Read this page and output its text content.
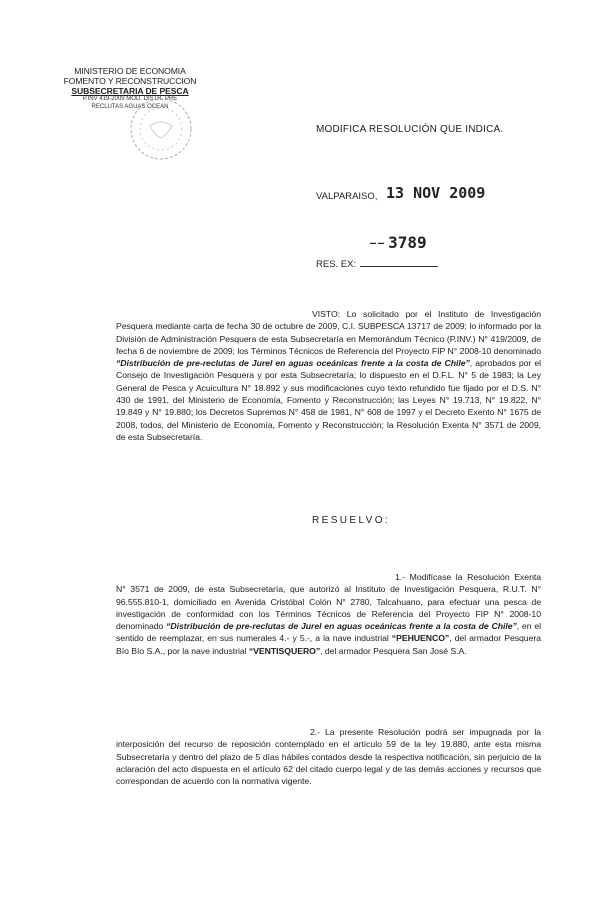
MINISTERIO DE ECONOMIA
FOMENTO Y RECONSTRUCCION
SUBSECRETARIA DE PESCA
P.INV 419-2009 MOD. DISTR. PRE
RECLUTAS AGUAS OCEAN
MODIFICA RESOLUCIÓN QUE INDICA.
VALPARAISO, 13 NOV 2009
— — 3789
RES. EX:
VISTO: Lo solicitado por el Instituto de Investigación Pesquera mediante carta de fecha 30 de octubre de 2009, C.I. SUBPESCA 13717 de 2009; lo informado por la División de Administración Pesquera de esta Subsecretaría en Memorándum Técnico (P.INV.) N° 419/2009, de fecha 6 de noviembre de 2009; los Términos Técnicos de Referencia del Proyecto FIP N° 2008-10 denominado “Distribución de pre-reclutas de Jurel en aguas oceánicas frente a la costa de Chile”, aprobados por el Consejo de Investigación Pesquera y por esta Subsecretaría; lo dispuesto en el D.F.L. N° 5 de 1983; la Ley General de Pesca y Acuicultura N° 18.892 y sus modificaciones cuyo texto refundido fue fijado por el D.S. N° 430 de 1991, del Ministerio de Economía, Fomento y Reconstrucción; las Leyes N° 19.713, N° 19.822, N° 19.849 y N° 19.880; los Decretos Supremos N° 458 de 1981, N° 608 de 1997 y el Decreto Exento N° 1675 de 2008, todos, del Ministerio de Economía, Fomento y Reconstrucción; la Resolución Exenta N° 3571 de 2009, de esta Subsecretaría.
RESUELVO:
1.- Modifícase la Resolución Exenta N° 3571 de 2009, de esta Subsecretaría, que autorizó al Instituto de Investigación Pesquera, R.U.T. N° 96.555.810-1, domiciliado en Avenida Cristóbal Colón N° 2780, Talcahuano, para efectuar una pesca de investigación de conformidad con los Términos Técnicos de Referencia del Proyecto FIP N° 2008-10 denominado “Distribución de pre-reclutas de Jurel en aguas oceánicas frente a la costa de Chile”, en el sentido de reemplazar, en sus numerales 4.- y 5.-, a la nave industrial “PEHUENCO”, del armador Pesquera Bío Bío S.A., por la nave industrial “VENTISQUERO”, del armador Pesquera San José S.A.
2.- La presente Resolución podrá ser impugnada por la interposición del recurso de reposición contemplado en el artículo 59 de la ley 19.880, ante esta misma Subsecretaría y dentro del plazo de 5 días hábiles contados desde la respectiva notificación, sin perjuicio de la aclaración del acto dispuesta en el artículo 62 del citado cuerpo legal y de las demás acciones y recursos que correspondan de acuerdo con la normativa vigente.
